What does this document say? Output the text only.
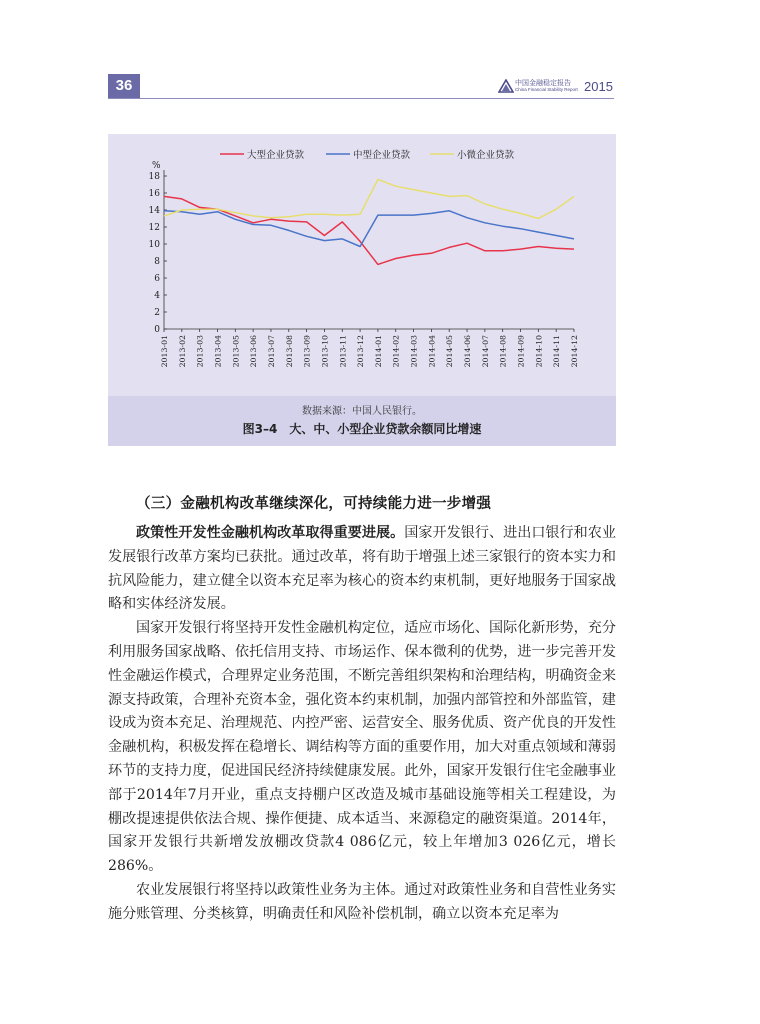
36	中国金融稳定报告
China Financial Stability Report 2015
0
2
4
6
8
10
12
14
16
18
%
2013-01 2013-02 2013-03 2013-04 2013-05 2013-06 2013-07 2013-08 2013-09 2013-10 2013-11 2013-12 2014-01 2014-02 2014-03 2014-04 2014-05 2014-06 2014-07 2014-08 2014-09 2014-10 2014-11 2014-12
大型企业贷款	中型企业贷款	小微企业贷款
数据来源：中国人民银行。
图3–4　大、中、小型企业贷款余额同比增速
（三）金融机构改革继续深化，可持续能力进一步增强

政策性开发性金融机构改革取得重要进展。国家开发银行、进出口银行和农业发展银行改革方案均已获批。通过改革，将有助于增强上述三家银行的资本实力和抗风险能力，建立健全以资本充足率为核心的资本约束机制，更好地服务于国家战略和实体经济发展。

国家开发银行将坚持开发性金融机构定位，适应市场化、国际化新形势，充分利用服务国家战略、依托信用支持、市场运作、保本微利的优势，进一步完善开发性金融运作模式，合理界定业务范围，不断完善组织架构和治理结构，明确资金来源支持政策，合理补充资本金，强化资本约束机制，加强内部管控和外部监管，建设成为资本充足、治理规范、内控严密、运营安全、服务优质、资产优良的开发性金融机构，积极发挥在稳增长、调结构等方面的重要作用，加大对重点领域和薄弱环节的支持力度，促进国民经济持续健康发展。此外，国家开发银行住宅金融事业部于2014年7月开业，重点支持棚户区改造及城市基础设施等相关工程建设，为棚改提速提供依法合规、操作便捷、成本适当、来源稳定的融资渠道。2014年，国家开发银行共新增发放棚改贷款4 086亿元，较上年增加3 026亿元，增长286%。

农业发展银行将坚持以政策性业务为主体。通过对政策性业务和自营性业务实施分账管理、分类核算，明确责任和风险补偿机制，确立以资本充足率为
